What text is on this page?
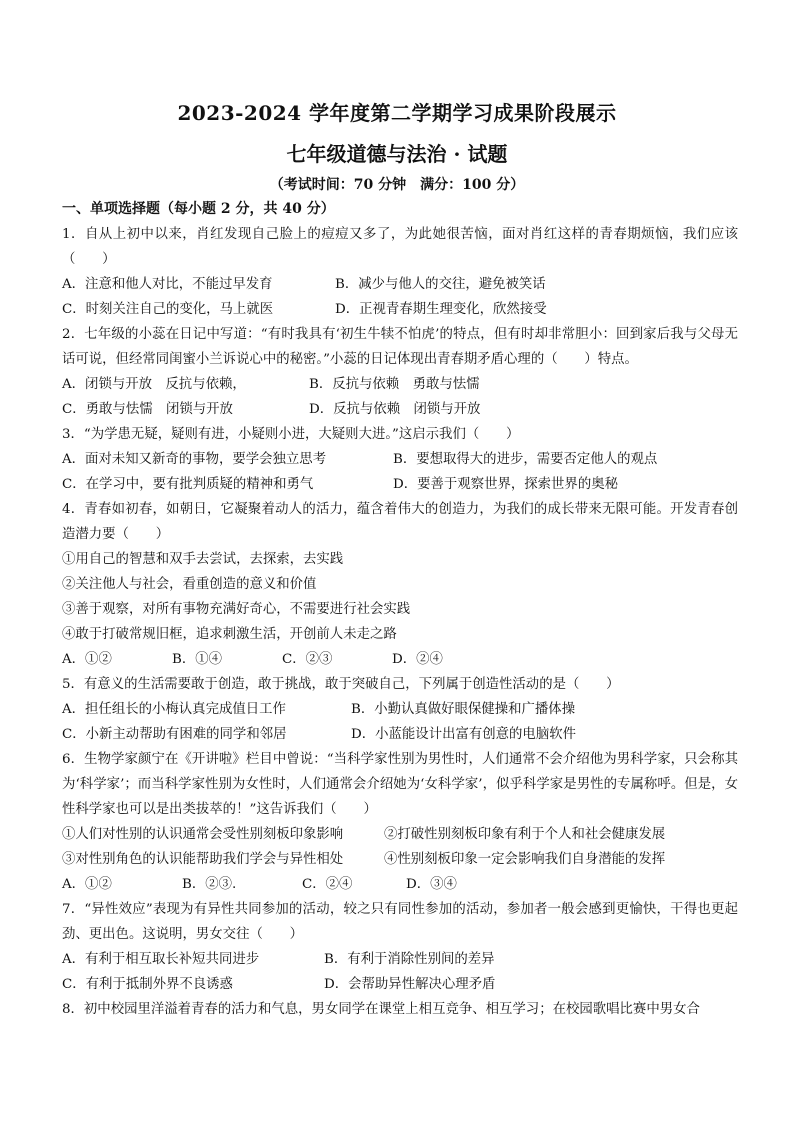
2023-2024 学年度第二学期学习成果阶段展示
七年级道德与法治 · 试题
（考试时间：70 分钟　满分：100 分）
一、单项选择题（每小题 2 分，共 40 分）
1．自从上初中以来，肖红发现自己脸上的痘痘又多了，为此她很苦恼，面对肖红这样的青春期烦恼，我们应该（　　）
A．注意和他人对比，不能过早发育	B．减少与他人的交往，避免被笑话
C．时刻关注自己的变化，马上就医	D．正视青春期生理变化，欣然接受
2．七年级的小蕊在日记中写道：“有时我具有‘初生牛犊不怕虎’的特点，但有时却非常胆小：回到家后我与父母无话可说，但经常同闺蜜小兰诉说心中的秘密。”小蕊的日记体现出青春期矛盾心理的（　　）特点。
A．闭锁与开放　反抗与依赖，	B．反抗与依赖　勇敢与怯懦
C．勇敢与怯懦　闭锁与开放	D．反抗与依赖　闭锁与开放
3．“为学患无疑，疑则有进，小疑则小进，大疑则大进。”这启示我们（　　）
A．面对未知又新奇的事物，要学会独立思考	B．要想取得大的进步，需要否定他人的观点
C．在学习中，要有批判质疑的精神和勇气	D．要善于观察世界，探索世界的奥秘
4．青春如初春，如朝日，它凝聚着动人的活力，蕴含着伟大的创造力，为我们的成长带来无限可能。开发青春创造潜力要（　　）
①用自己的智慧和双手去尝试，去探索，去实践
②关注他人与社会，看重创造的意义和价值
③善于观察，对所有事物充满好奇心，不需要进行社会实践
④敢于打破常规旧框，追求刺激生活，开创前人未走之路
A．①②	B．①④	C．②③	D．②④
5．有意义的生活需要敢于创造，敢于挑战，敢于突破自己，下列属于创造性活动的是（　　）
A．担任组长的小梅认真完成值日工作	B．小勤认真做好眼保健操和广播体操
C．小新主动帮助有困难的同学和邻居	D．小蓝能设计出富有创意的电脑软件
6．生物学家颜宁在《开讲啦》栏目中曾说：“当科学家性别为男性时，人们通常不会介绍他为男科学家，只会称其为‘科学家’；而当科学家性别为女性时，人们通常会介绍她为‘女科学家’，似乎科学家是男性的专属称呼。但是，女性科学家也可以是出类拔萃的！”这告诉我们（　　）
①人们对性别的认识通常会受性别刻板印象影响	②打破性别刻板印象有利于个人和社会健康发展
③对性别角色的认识能帮助我们学会与异性相处	④性别刻板印象一定会影响我们自身潜能的发挥
A．①②	B．②③.	C．②④	D．③④
7．“异性效应”表现为有异性共同参加的活动，较之只有同性参加的活动，参加者一般会感到更愉快，干得也更起劲、更出色。这说明，男女交往（　　）
A．有利于相互取长补短共同进步	B．有利于消除性别间的差异
C．有利于抵制外界不良诱惑	D．会帮助异性解决心理矛盾
8．初中校园里洋溢着青春的活力和气息，男女同学在课堂上相互竞争、相互学习；在校园歌唱比赛中男女合
